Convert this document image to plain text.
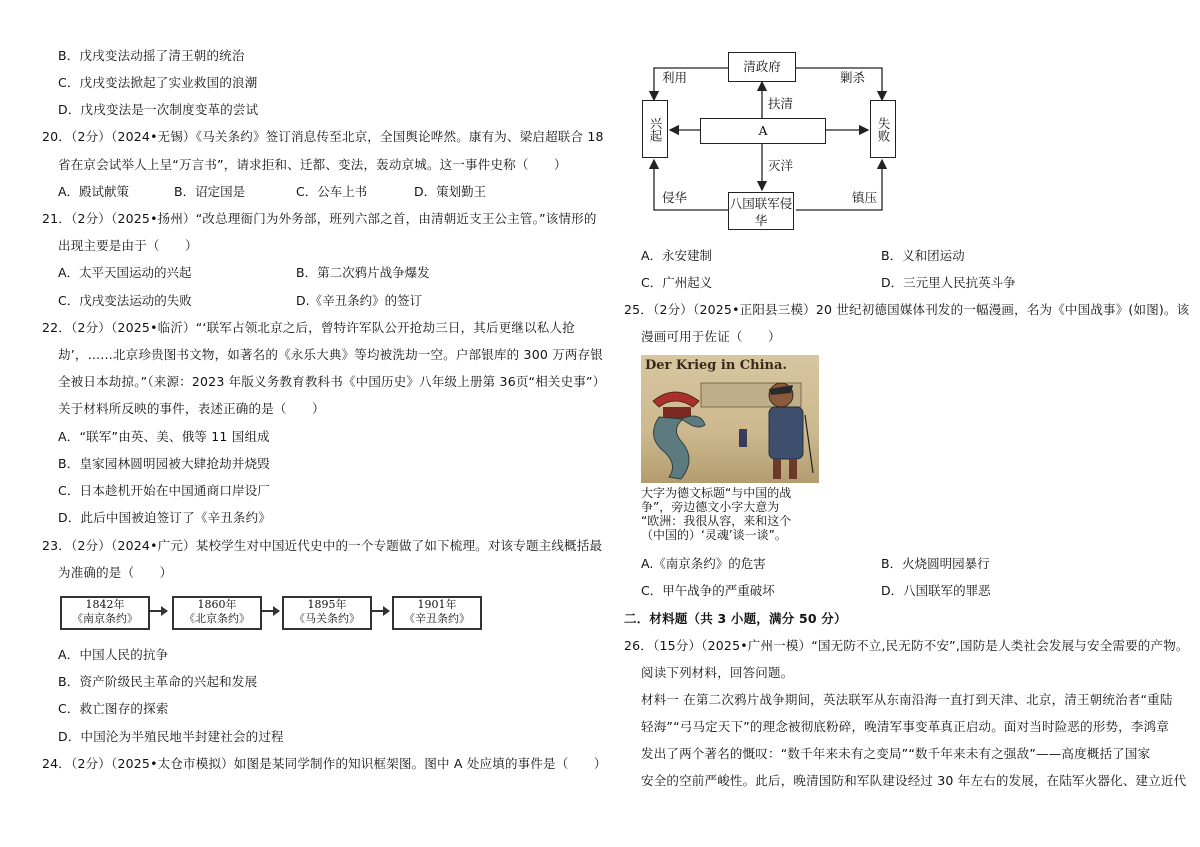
B．戊戌变法动摇了清王朝的统治
C．戊戌变法掀起了实业救国的浪潮
D．戊戌变法是一次制度变革的尝试
20．（2分）（2024•无锡）《马关条约》签订消息传至北京，全国舆论哗然。康有为、梁启超联合 18
省在京会试举人上呈“万言书”，请求拒和、迁都、变法，轰动京城。这一事件史称（　　）
A．殿试献策	B．诏定国是	C．公车上书	D．策划勤王
21．（2分）（2025•扬州）“改总理衙门为外务部，班列六部之首，由清朝近支王公主管。”该情形的
出现主要是由于（　　）
A．太平天国运动的兴起	B．第二次鸦片战争爆发
C．戊戌变法运动的失败	D.《辛丑条约》的签订
22．（2分）（2025•临沂）“‘联军占领北京之后，曾特许军队公开抢劫三日，其后更继以私人抢
劫’，……北京珍贵图书文物，如著名的《永乐大典》等均被洗劫一空。户部银库的 300 万两存银
全被日本劫掠。”（来源：2023 年版义务教育教科书《中国历史》八年级上册第 36页“相关史事”）
关于材料所反映的事件，表述正确的是（　　）
A．“联军”由英、美、俄等 11 国组成
B．皇家园林圆明园被大肆抢劫并烧毁
C．日本趁机开始在中国通商口岸设厂
D．此后中国被迫签订了《辛丑条约》
23．（2分）（2024•广元）某校学生对中国近代史中的一个专题做了如下梳理。对该专题主线概括最
为准确的是（　　）
1842年
《南京条约》
1860年
《北京条约》
1895年
《马关条约》
1901年
《辛丑条约》
A．中国人民的抗争
B．资产阶级民主革命的兴起和发展
C．救亡图存的探索
D．中国沦为半殖民地半封建社会的过程
24．（2分）（2025•太仓市模拟）如图是某同学制作的知识框架图。图中 A 处应填的事件是（　　）
清政府
兴起	失败
A
八国联军侵华
利用	剿杀
扶清
灭洋
侵华	镇压
A．永安建制	B．义和团运动
C．广州起义	D．三元里人民抗英斗争
25．（2分）（2025•正阳县三模）20 世纪初德国媒体刊发的一幅漫画，名为《中国战事》(如图)。该
漫画可用于佐证（　　）
Der Krieg in China.
大字为德文标题“与中国的战
争”，旁边德文小字大意为
“欧洲：我很从容，来和这个
（中国的）‘灵魂’谈一谈”。
A.《南京条约》的危害	B．火烧圆明园暴行
C．甲午战争的严重破坏	D．八国联军的罪恶
二．材料题（共 3 小题，满分 50 分）
26．（15分）（2025•广州一模）“国无防不立,民无防不安”,国防是人类社会发展与安全需要的产物。
阅读下列材料，回答问题。
材料一 在第二次鸦片战争期间，英法联军从东南沿海一直打到天津、北京，清王朝统治者“重陆
轻海”“弓马定天下”的理念被彻底粉碎，晚清军事变革真正启动。面对当时险恶的形势，李鸿章
发出了两个著名的慨叹：“数千年来未有之变局”“数千年来未有之强敌”——高度概括了国家
安全的空前严峻性。此后，晚清国防和军队建设经过 30 年左右的发展，在陆军火器化、建立近代
